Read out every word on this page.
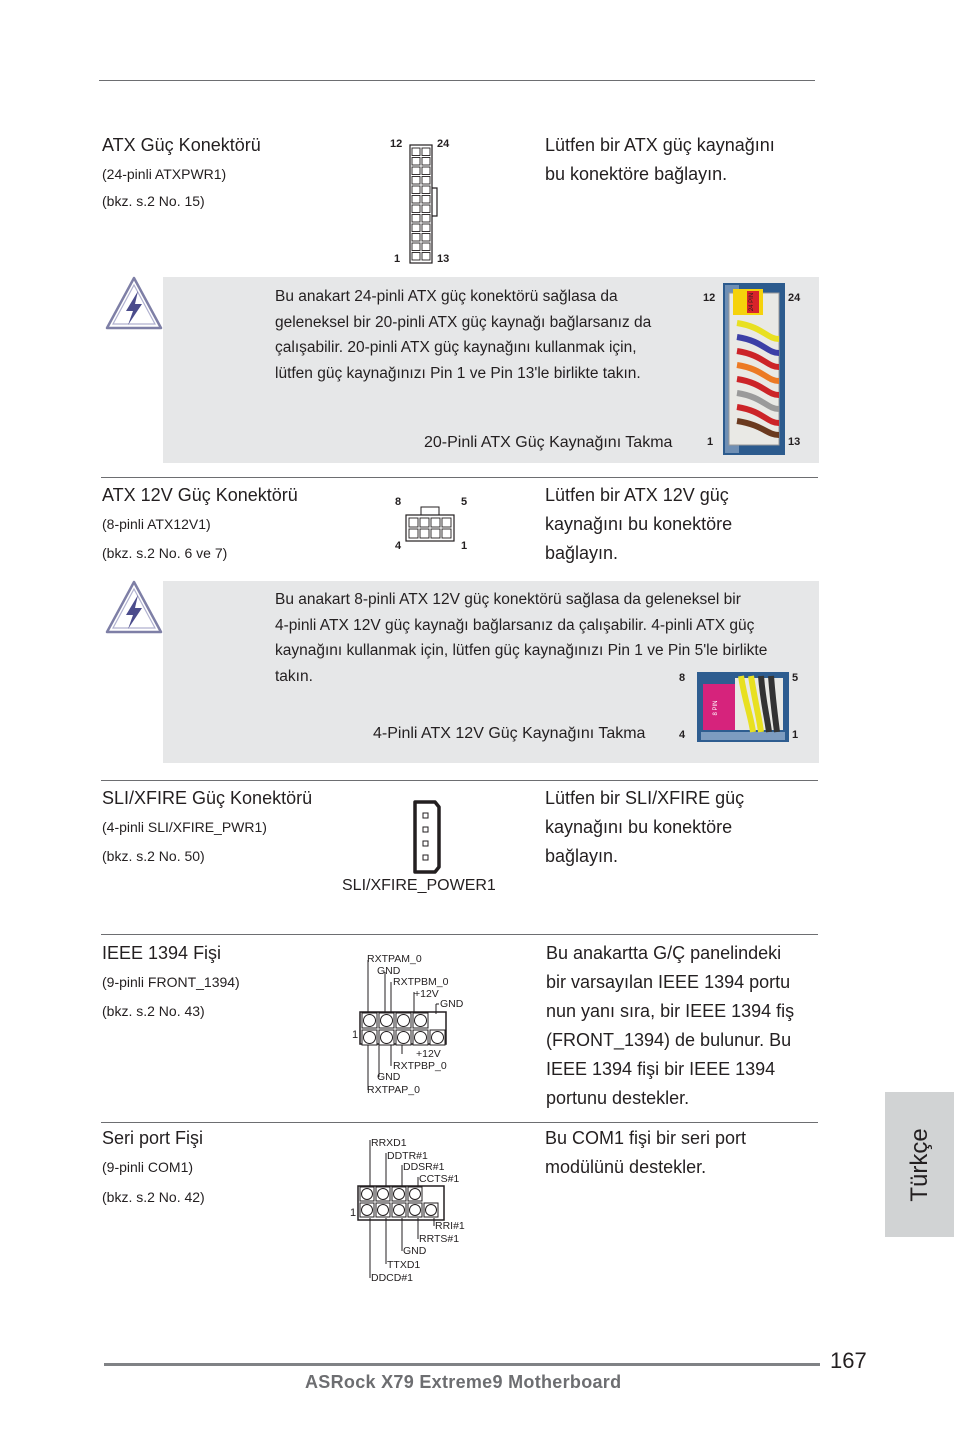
ATX Güç Konektörü
(24-pinli ATXPWR1)
(bkz. s.2 No. 15)
12	24
1	13
Lütfen bir ATX güç kaynağını
bu konektöre bağlayın.
Bu anakart 24-pinli ATX güç konektörü sağlasa da
geleneksel bir 20-pinli ATX güç kaynağı bağlarsanız da
çalışabilir. 20-pinli ATX güç kaynağını kullanmak için,
lütfen güç kaynağınızı Pin 1 ve Pin 13'le birlikte takın.
20-Pinli ATX Güç Kaynağını Takma
12	24
1	13
24 PIN
ATX 12V Güç Konektörü
(8-pinli ATX12V1)
(bkz. s.2 No. 6 ve 7)
8	5
4	1
Lütfen bir ATX 12V güç
kaynağını bu konektöre
bağlayın.
Bu anakart 8-pinli ATX 12V güç konektörü sağlasa da geleneksel bir
4-pinli ATX 12V güç kaynağı bağlarsanız da çalışabilir. 4-pinli ATX güç
kaynağını kullanmak için, lütfen güç kaynağınızı Pin 1 ve Pin 5'le birlikte
takın.
4-Pinli ATX 12V Güç Kaynağını Takma
8	5
4	1
8 PIN
SLI/XFIRE Güç Konektörü
(4-pinli SLI/XFIRE_PWR1)
(bkz. s.2 No. 50)
SLI/XFIRE_POWER1
Lütfen bir SLI/XFIRE güç
kaynağını bu konektöre
bağlayın.
IEEE 1394 Fişi
(9-pinli FRONT_1394)
(bkz. s.2 No. 43)
1
RXTPAM_0
GND
RXTPBM_0
+12V
GND
+12V
RXTPBP_0
GND
RXTPAP_0
Bu anakartta G/Ç panelindeki
bir varsayılan IEEE 1394 portu
nun yanı sıra, bir IEEE 1394 fiş
(FRONT_1394) de bulunur. Bu
IEEE 1394 fişi bir IEEE 1394
portunu destekler.
Seri port Fişi
(9-pinli COM1)
(bkz. s.2 No. 42)
1
RRXD1
DDTR#1
DDSR#1
CCTS#1
RRI#1
RRTS#1
GND
TTXD1
DDCD#1
Bu COM1 fişi bir seri port
modülünü destekler.	Türkçe
167
ASRock X79 Extreme9 Motherboard
